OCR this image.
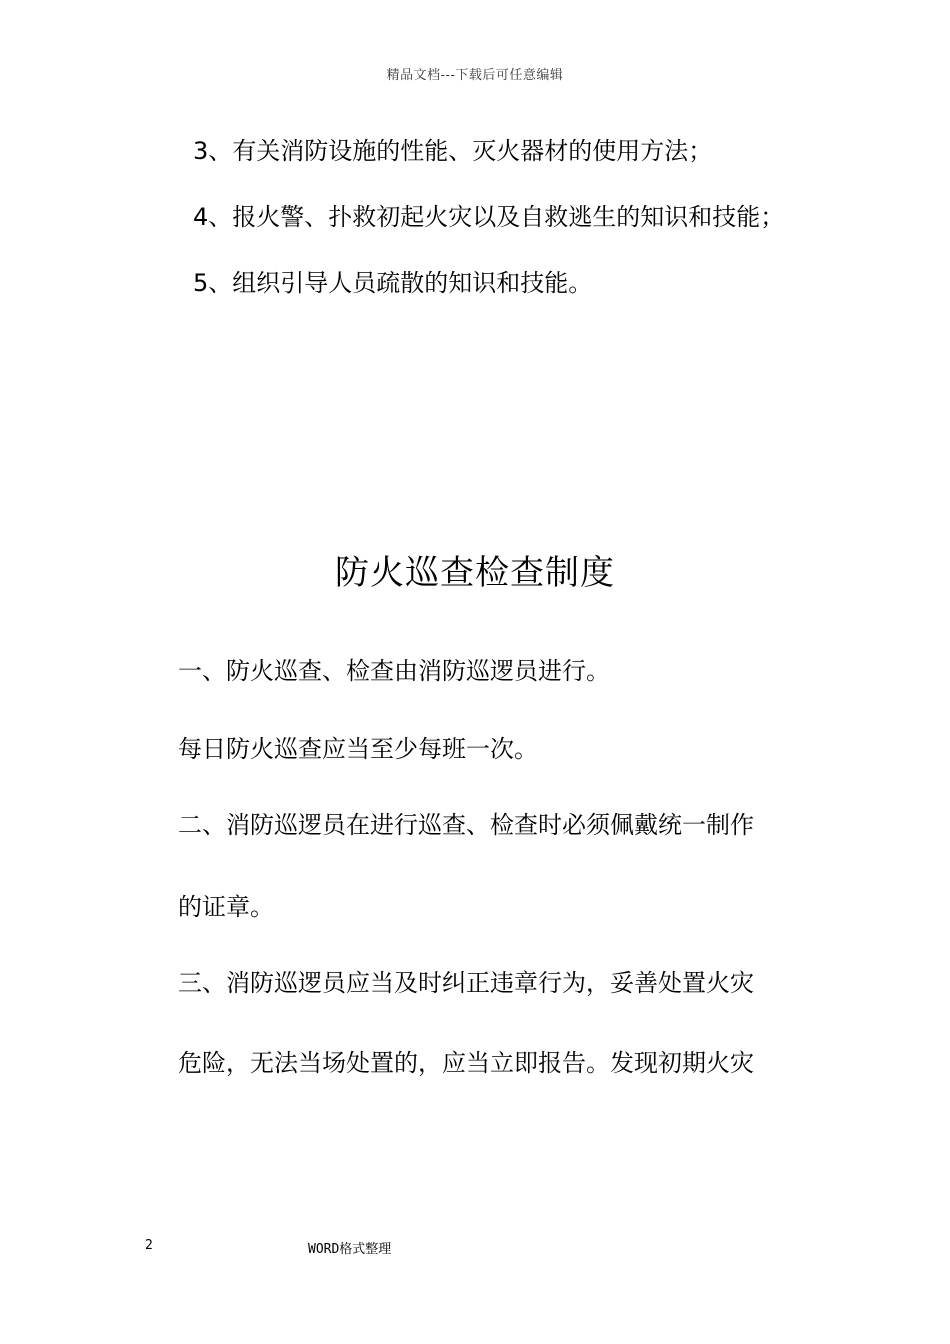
精品文档---下载后可任意编辑
3、有关消防设施的性能、灭火器材的使用方法；
4、报火警、扑救初起火灾以及自救逃生的知识和技能；
5、组织引导人员疏散的知识和技能。
防火巡查检查制度
一、防火巡查、检查由消防巡逻员进行。
每日防火巡查应当至少每班一次。
二、消防巡逻员在进行巡查、检查时必须佩戴统一制作
的证章。
三、消防巡逻员应当及时纠正违章行为，妥善处置火灾
危险，无法当场处置的，应当立即报告。发现初期火灾
2	WORD格式整理
